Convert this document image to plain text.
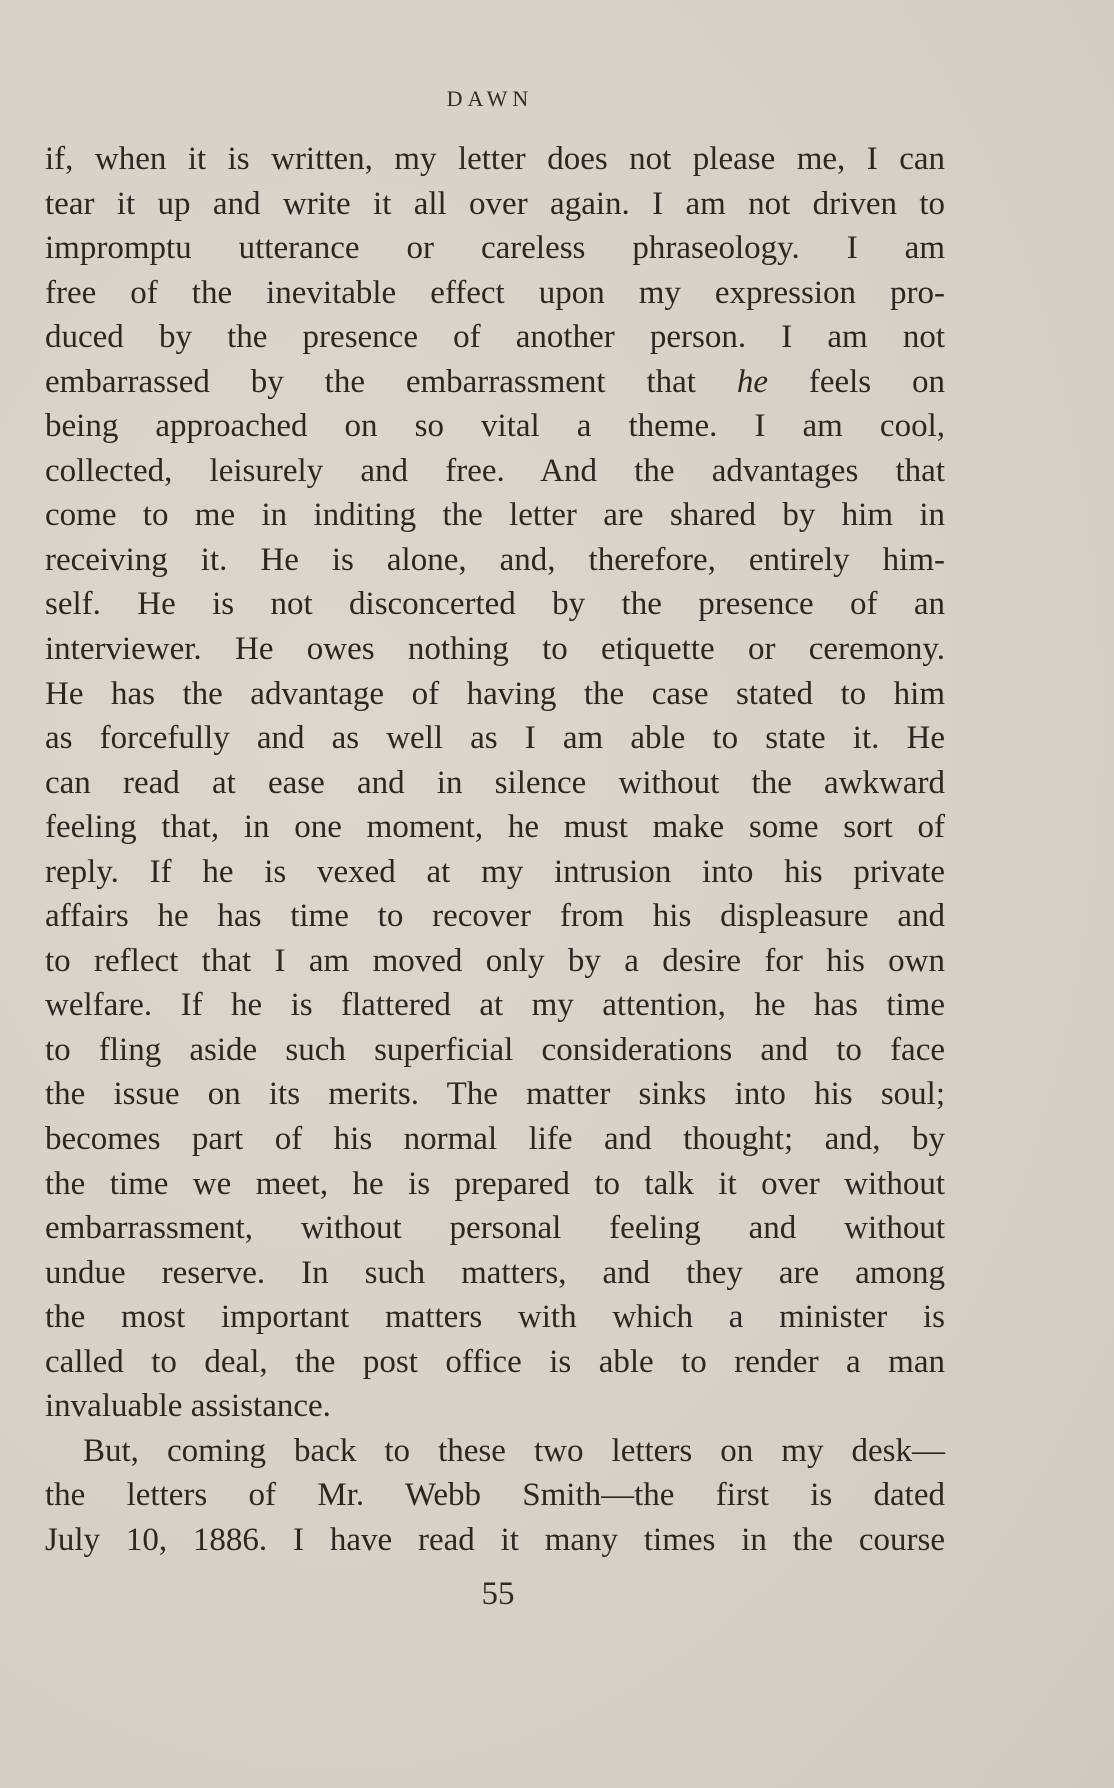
DAWN
if, when it is written, my letter does not please me, I can
tear it up and write it all over again. I am not driven to
impromptu utterance or careless phraseology. I am
free of the inevitable effect upon my expression pro-
duced by the presence of another person. I am not
embarrassed by the embarrassment that he feels on
being approached on so vital a theme. I am cool,
collected, leisurely and free. And the advantages that
come to me in inditing the letter are shared by him in
receiving it. He is alone, and, therefore, entirely him-
self. He is not disconcerted by the presence of an
interviewer. He owes nothing to etiquette or ceremony.
He has the advantage of having the case stated to him
as forcefully and as well as I am able to state it. He
can read at ease and in silence without the awkward
feeling that, in one moment, he must make some sort of
reply. If he is vexed at my intrusion into his private
affairs he has time to recover from his displeasure and
to reflect that I am moved only by a desire for his own
welfare. If he is flattered at my attention, he has time
to fling aside such superficial considerations and to face
the issue on its merits. The matter sinks into his soul;
becomes part of his normal life and thought; and, by
the time we meet, he is prepared to talk it over without
embarrassment, without personal feeling and without
undue reserve. In such matters, and they are among
the most important matters with which a minister is
called to deal, the post office is able to render a man
invaluable assistance.
But, coming back to these two letters on my desk—
the letters of Mr. Webb Smith—the first is dated
July 10, 1886. I have read it many times in the course
55
